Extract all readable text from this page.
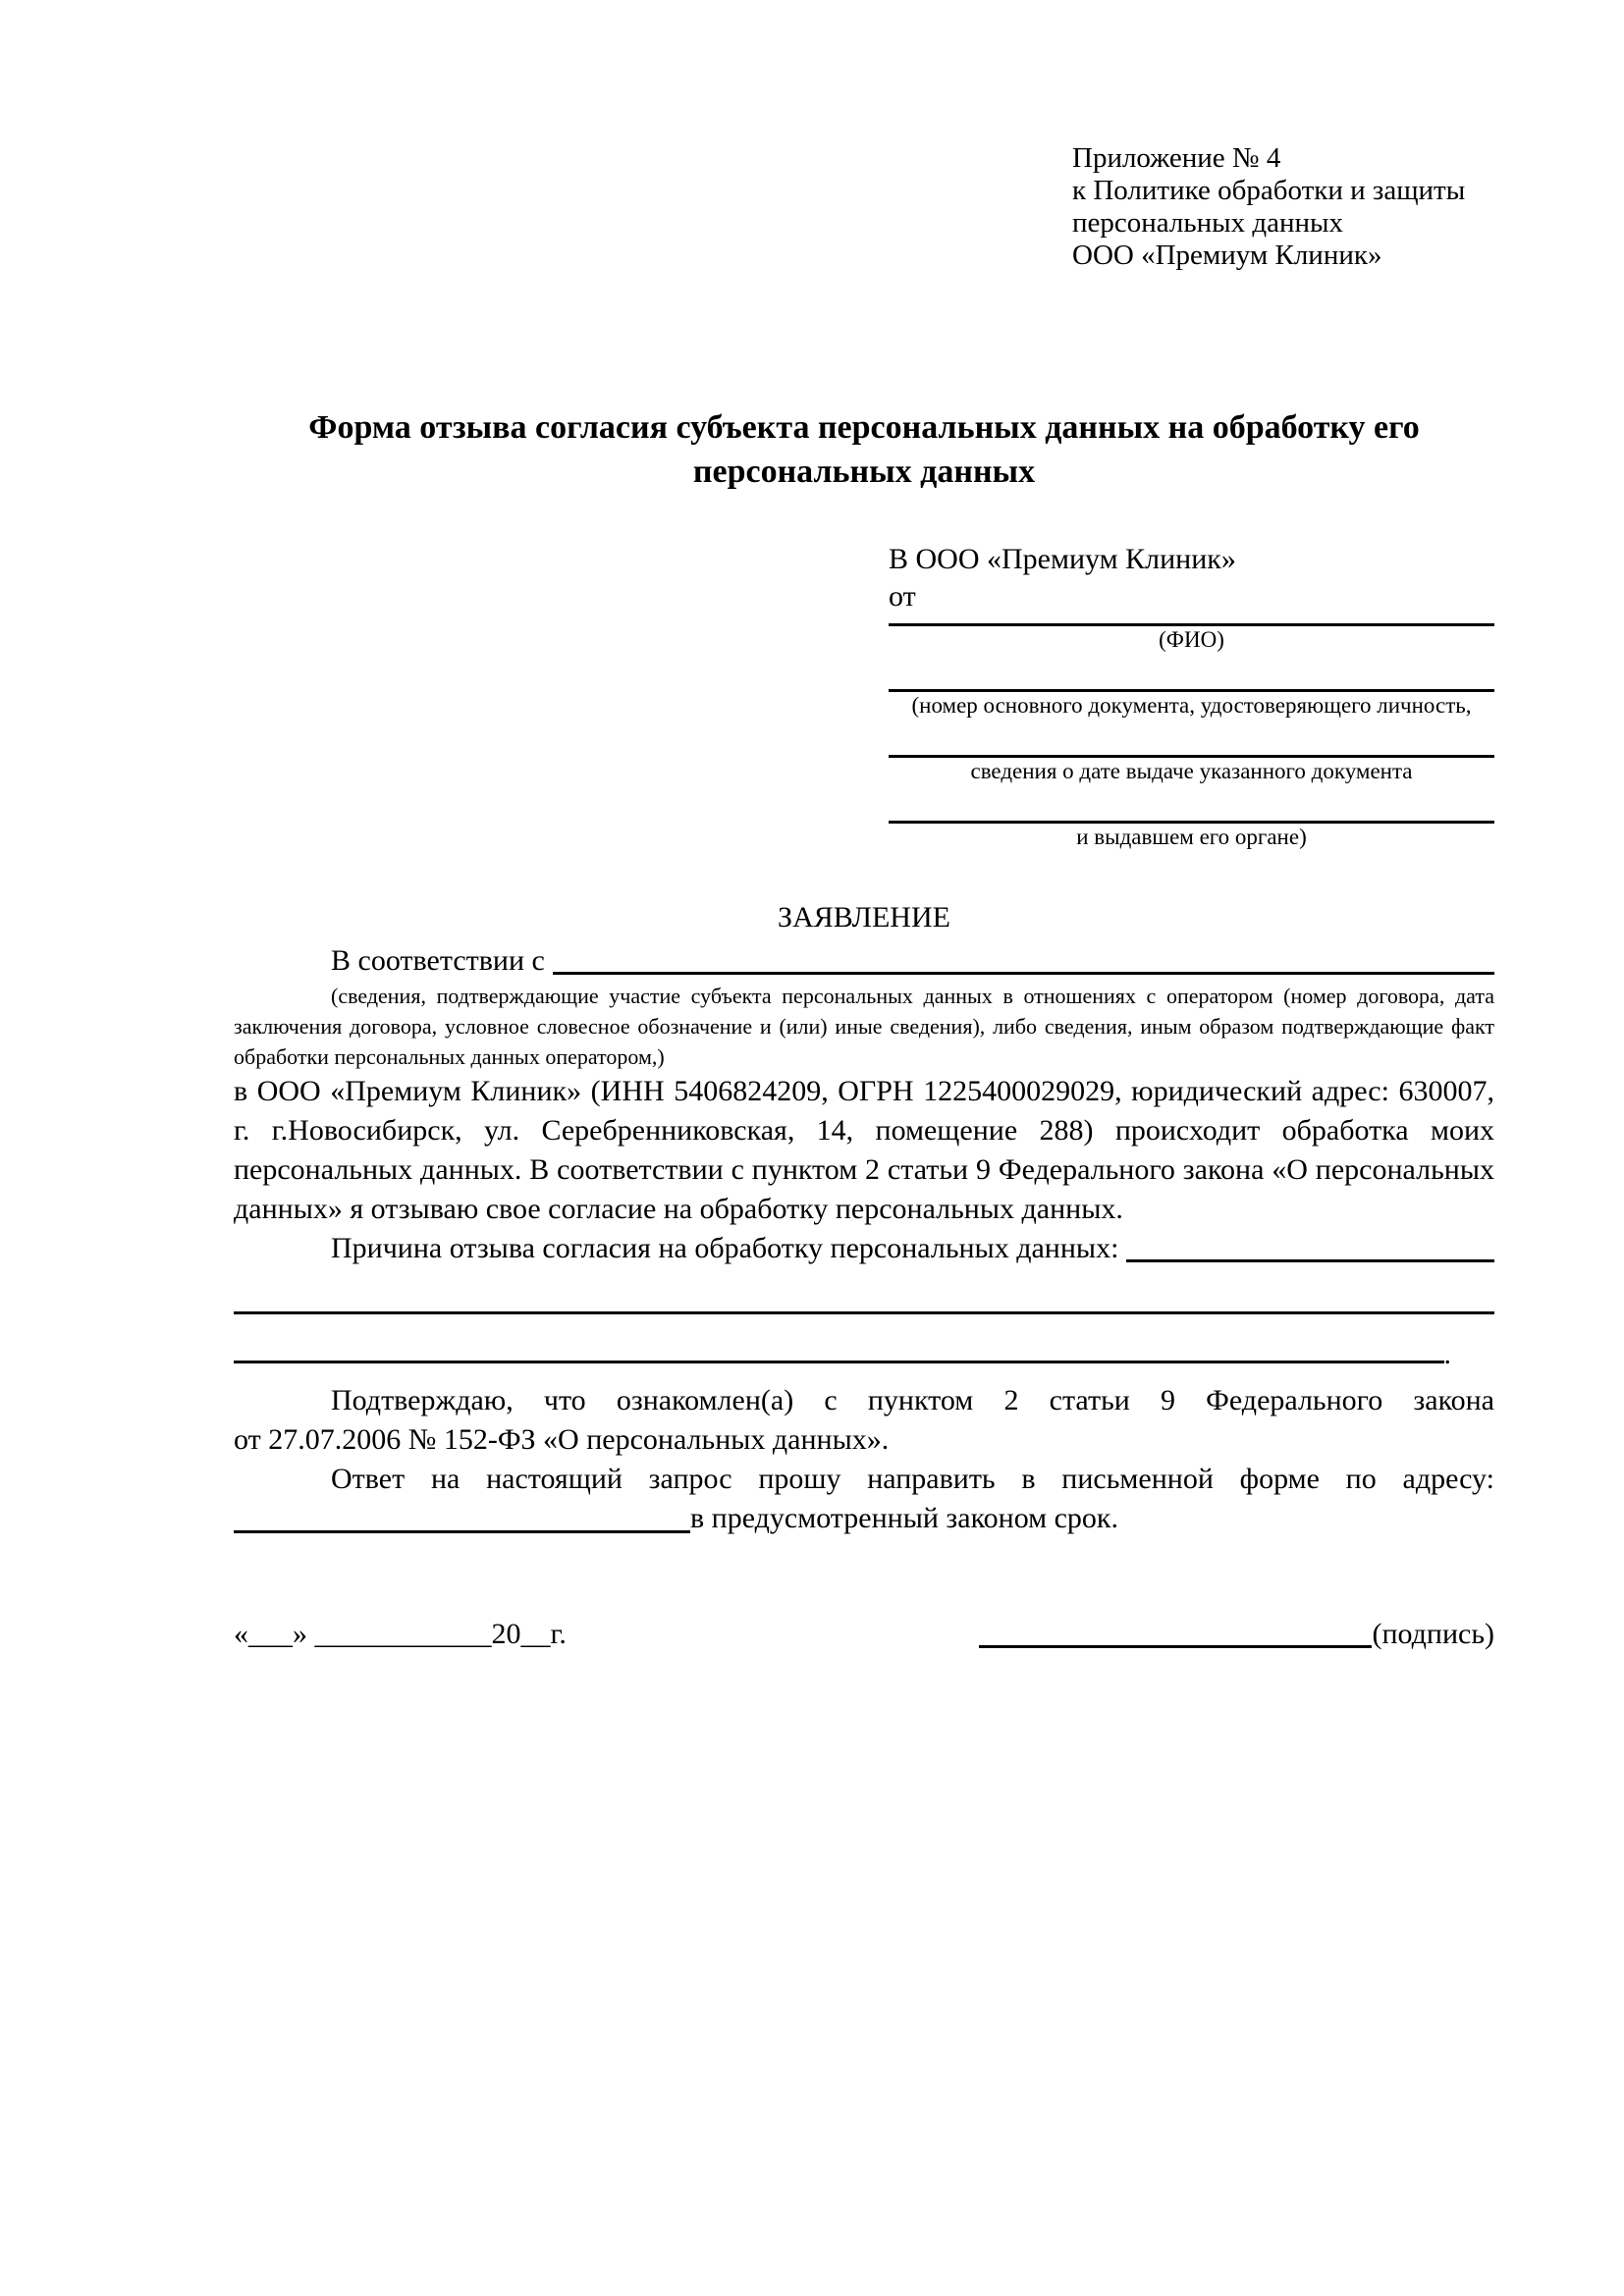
Приложение № 4
к Политике обработки и защиты
персональных данных
ООО «Премиум Клиник»
Форма отзыва согласия субъекта персональных данных на обработку его персональных данных
В ООО «Премиум Клиник»
от
(ФИО)
(номер основного документа, удостоверяющего личность,
сведения о дате выдаче указанного документа
и выдавшем его органе)
ЗАЯВЛЕНИЕ
В соответствии с
(сведения, подтверждающие участие субъекта персональных данных в отношениях с оператором (номер договора, дата заключения договора, условное словесное обозначение и (или) иные сведения), либо сведения, иным образом подтверждающие факт обработки персональных данных оператором,)
в ООО «Премиум Клиник» (ИНН 5406824209, ОГРН 1225400029029, юридический адрес: 630007, г. г.Новосибирск, ул. Серебренниковская, 14, помещение 288) происходит обработка моих персональных данных. В соответствии с пунктом 2 статьи 9 Федерального закона «О персональных данных» я отзываю свое согласие на обработку персональных данных.
Причина отзыва согласия на обработку персональных данных:
.
Подтверждаю, что ознакомлен(а) с пунктом 2 статьи 9 Федерального закона
от 27.07.2006 № 152-ФЗ «О персональных данных».
Ответ на настоящий запрос прошу направить в письменной форме по адресу:
в предусмотренный законом срок.
«___» ____________20__г.	(подпись)
